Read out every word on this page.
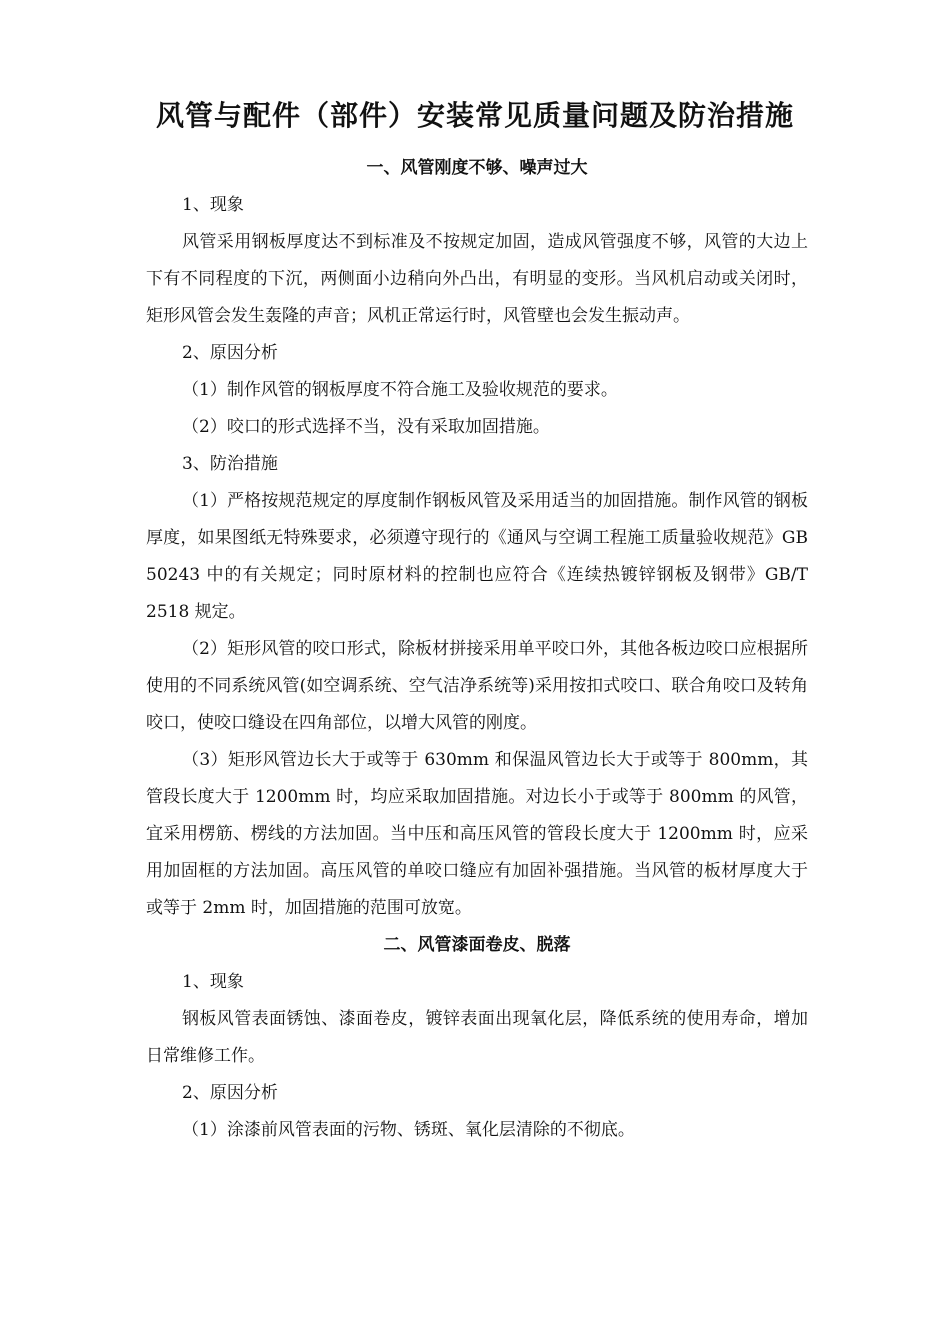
风管与配件（部件）安装常见质量问题及防治措施
一、风管刚度不够、噪声过大
1、现象
风管采用钢板厚度达不到标准及不按规定加固，造成风管强度不够，风管的大边上下有不同程度的下沉，两侧面小边稍向外凸出，有明显的变形。当风机启动或关闭时，矩形风管会发生轰隆的声音；风机正常运行时，风管壁也会发生振动声。
2、原因分析
（1）制作风管的钢板厚度不符合施工及验收规范的要求。
（2）咬口的形式选择不当，没有采取加固措施。
3、防治措施
（1）严格按规范规定的厚度制作钢板风管及采用适当的加固措施。制作风管的钢板厚度，如果图纸无特殊要求，必须遵守现行的《通风与空调工程施工质量验收规范》GB 50243 中的有关规定；同时原材料的控制也应符合《连续热镀锌钢板及钢带》GB/T 2518 规定。
（2）矩形风管的咬口形式，除板材拼接采用单平咬口外，其他各板边咬口应根据所使用的不同系统风管(如空调系统、空气洁净系统等)采用按扣式咬口、联合角咬口及转角咬口，使咬口缝设在四角部位，以增大风管的刚度。
（3）矩形风管边长大于或等于 630mm 和保温风管边长大于或等于 800mm，其管段长度大于 1200mm 时，均应采取加固措施。对边长小于或等于 800mm 的风管，宜采用楞筋、楞线的方法加固。当中压和高压风管的管段长度大于 1200mm 时，应采用加固框的方法加固。高压风管的单咬口缝应有加固补强措施。当风管的板材厚度大于或等于 2mm 时，加固措施的范围可放宽。
二、风管漆面卷皮、脱落
1、现象
钢板风管表面锈蚀、漆面卷皮，镀锌表面出现氧化层，降低系统的使用寿命，增加日常维修工作。
2、原因分析
（1）涂漆前风管表面的污物、锈斑、氧化层清除的不彻底。
